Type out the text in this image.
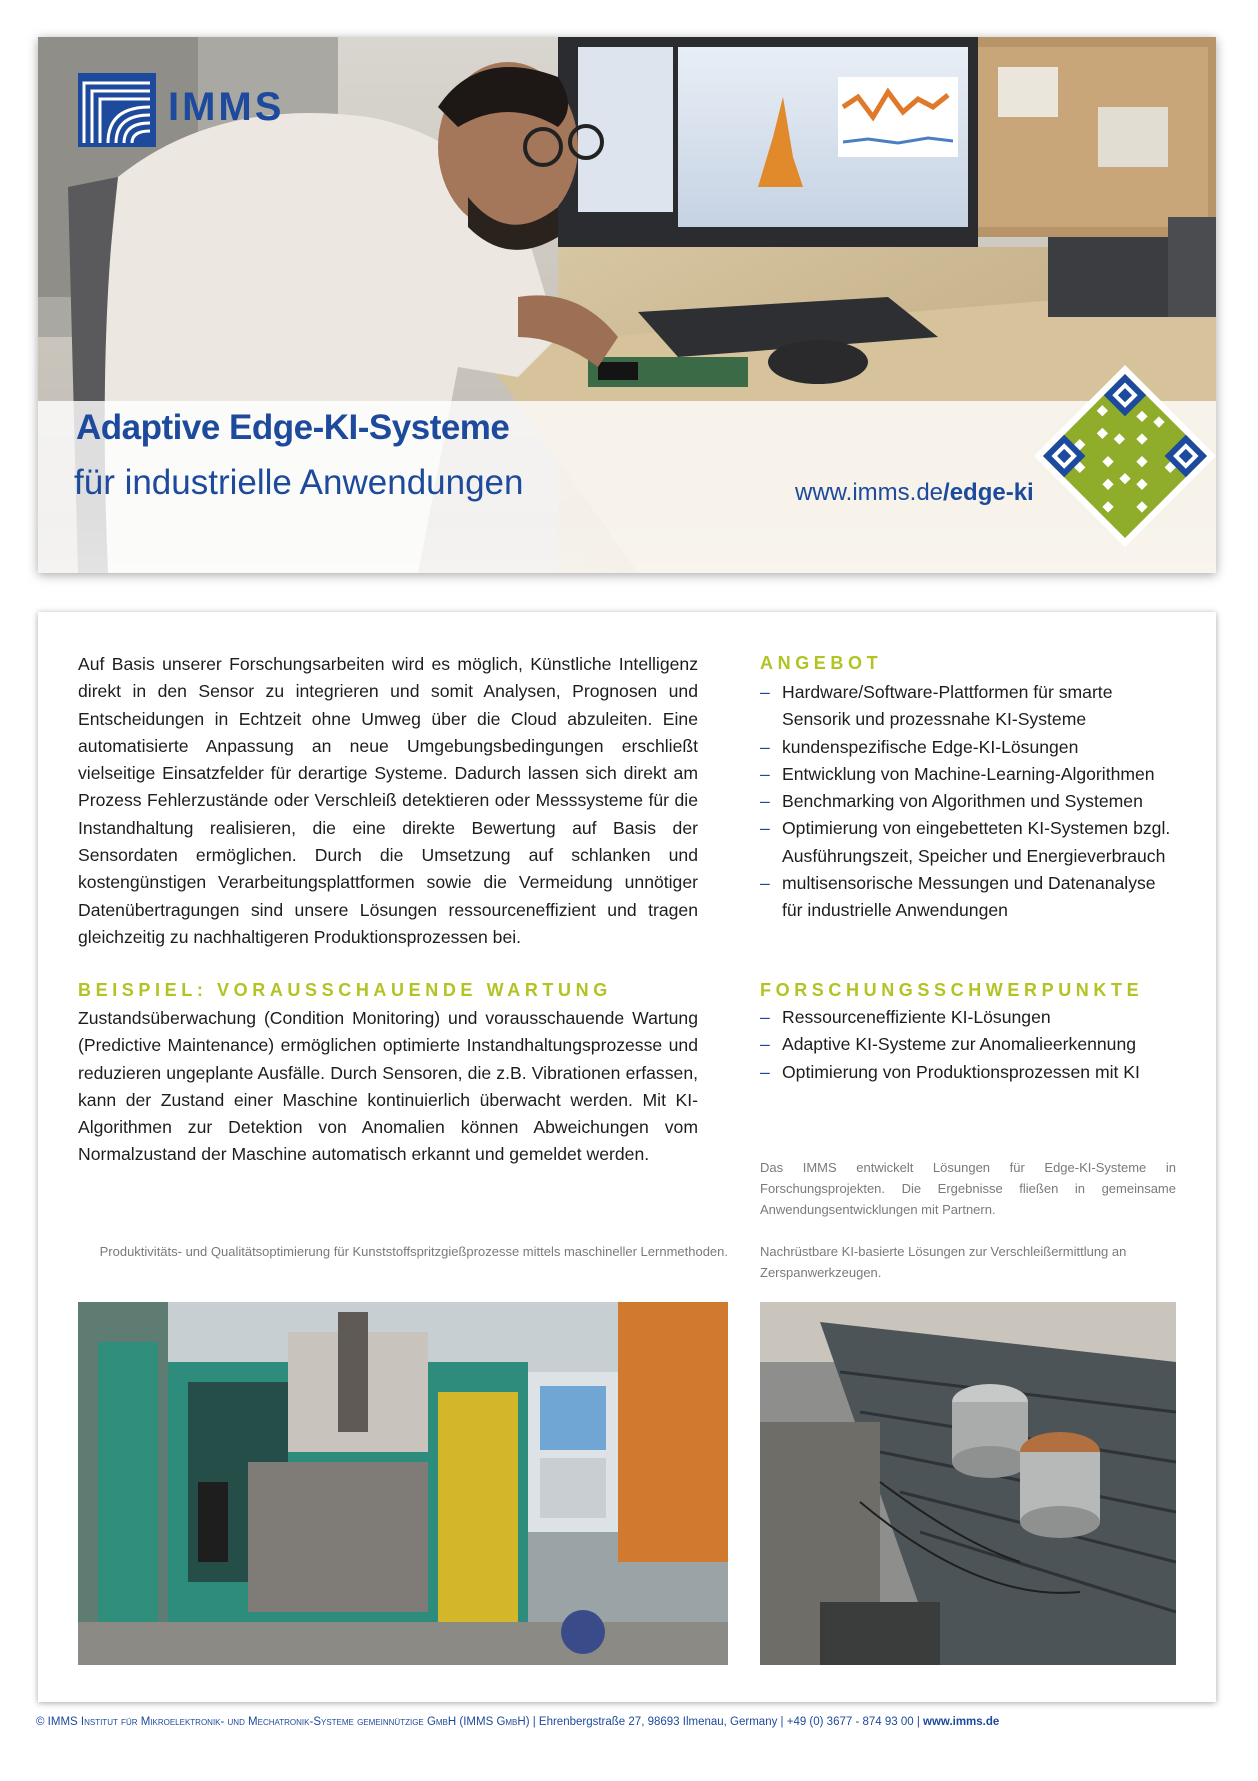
IMMS
Adaptive Edge-KI-Systeme
für industrielle Anwendungen	www.imms.de/edge-ki
Auf Basis unserer Forschungsarbeiten wird es möglich, Künstliche Intelligenz direkt in den Sensor zu integrieren und somit Analysen, Prognosen und Entscheidungen in Echtzeit ohne Umweg über die Cloud abzuleiten. Eine automatisierte Anpassung an neue Umgebungsbedingungen erschließt vielseitige Einsatzfelder für derartige Systeme. Dadurch lassen sich direkt am Prozess Fehlerzustände oder Verschleiß detektieren oder Messsysteme für die Instandhaltung realisieren, die eine direkte Bewertung auf Basis der Sensordaten ermöglichen. Durch die Umsetzung auf schlanken und kostengünstigen Verarbeitungsplattformen sowie die Vermeidung unnötiger Datenübertragungen sind unsere Lösungen ressourceneffizient und tragen gleichzeitig zu nachhaltigeren Produktionsprozessen bei.
BEISPIEL: VORAUSSCHAUENDE WARTUNG
Zustandsüberwachung (Condition Monitoring) und vorausschauende Wartung (Predictive Maintenance) ermöglichen optimierte Instandhaltungsprozesse und reduzieren ungeplante Ausfälle. Durch Sensoren, die z.B. Vibrationen erfassen, kann der Zustand einer Maschine kontinuierlich überwacht werden. Mit KI-Algorithmen zur Detektion von Anomalien können Abweichungen vom Normalzustand der Maschine automatisch erkannt und gemeldet werden.
ANGEBOT
– Hardware/Software-Plattformen für smarte Sensorik und prozessnahe KI-Systeme
– kundenspezifische Edge-KI-Lösungen
– Entwicklung von Machine-Learning-Algorithmen
– Benchmarking von Algorithmen und Systemen
– Optimierung von eingebetteten KI-Systemen bzgl. Ausführungszeit, Speicher und Energieverbrauch
– multisensorische Messungen und Datenanalyse für industrielle Anwendungen
FORSCHUNGSSCHWERPUNKTE
– Ressourceneffiziente KI-Lösungen
– Adaptive KI-Systeme zur Anomalieerkennung
– Optimierung von Produktionsprozessen mit KI
Das IMMS entwickelt Lösungen für Edge-KI-Systeme in Forschungsprojekten. Die Ergebnisse fließen in gemeinsame Anwendungsentwicklungen mit Partnern.
Produktivitäts- und Qualitätsoptimierung für Kunststoffspritzgießprozesse mittels maschineller Lernmethoden. Nachrüstbare KI-basierte Lösungen zur Verschleißermittlung an Zerspanwerkzeugen.
© IMMS Institut für Mikroelektronik- und Mechatronik-Systeme gemeinnützige GmbH (IMMS GmbH) | Ehrenbergstraße 27, 98693 Ilmenau, Germany | +49 (0) 3677 - 874 93 00 | www.imms.de
